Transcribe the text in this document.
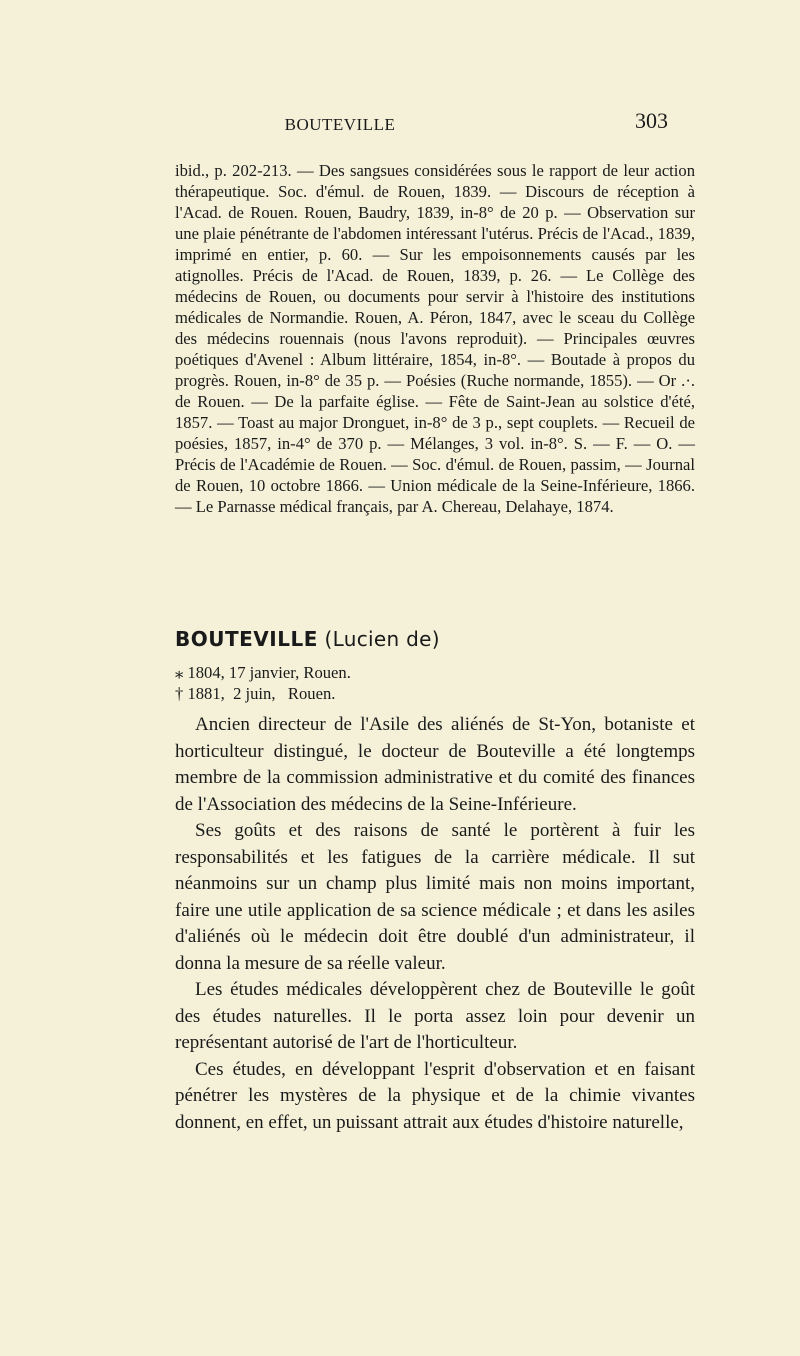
BOUTEVILLE	303

ibid., p. 202-213. — Des sangsues considérées sous le rapport de leur action thérapeutique. Soc. d'émul. de Rouen, 1839. — Discours de réception à l'Acad. de Rouen. Rouen, Baudry, 1839, in-8° de 20 p. — Observation sur une plaie pénétrante de l'abdomen intéressant l'utérus. Précis de l'Acad., 1839, imprimé en entier, p. 60. — Sur les empoisonnements causés par les atignolles. Précis de l'Acad. de Rouen, 1839, p. 26. — Le Collège des médecins de Rouen, ou documents pour servir à l'histoire des institutions médicales de Normandie. Rouen, A. Péron, 1847, avec le sceau du Collège des médecins rouennais (nous l'avons reproduit). — Principales œuvres poétiques d'Avenel : Album littéraire, 1854, in-8°. — Boutade à propos du progrès. Rouen, in-8° de 35 p. — Poésies (Ruche normande, 1855). — Or .·. de Rouen. — De la parfaite église. — Fête de Saint-Jean au solstice d'été, 1857. — Toast au major Dronguet, in-8° de 3 p., sept couplets. — Recueil de poésies, 1857, in-4° de 370 p. — Mélanges, 3 vol. in-8°. S. — F. — O. — Précis de l'Académie de Rouen. — Soc. d'émul. de Rouen, passim, — Journal de Rouen, 10 octobre 1866. — Union médicale de la Seine-Inférieure, 1866. — Le Parnasse médical français, par A. Chereau, Delahaye, 1874.

BOUTEVILLE (Lucien de)
⁎ 1804, 17 janvier, Rouen.
† 1881,  2 juin,   Rouen.

Ancien directeur de l'Asile des aliénés de St-Yon, botaniste et horticulteur distingué, le docteur de Bouteville a été longtemps membre de la commission administrative et du comité des finances de l'Association des médecins de la Seine-Inférieure.

Ses goûts et des raisons de santé le portèrent à fuir les responsabilités et les fatigues de la carrière médicale. Il sut néanmoins sur un champ plus limité mais non moins important, faire une utile application de sa science médicale ; et dans les asiles d'aliénés où le médecin doit être doublé d'un administrateur, il donna la mesure de sa réelle valeur.

Les études médicales développèrent chez de Bouteville le goût des études naturelles. Il le porta assez loin pour devenir un représentant autorisé de l'art de l'horticulteur.

Ces études, en développant l'esprit d'observation et en faisant pénétrer les mystères de la physique et de la chimie vivantes donnent, en effet, un puissant attrait aux études d'histoire naturelle,
